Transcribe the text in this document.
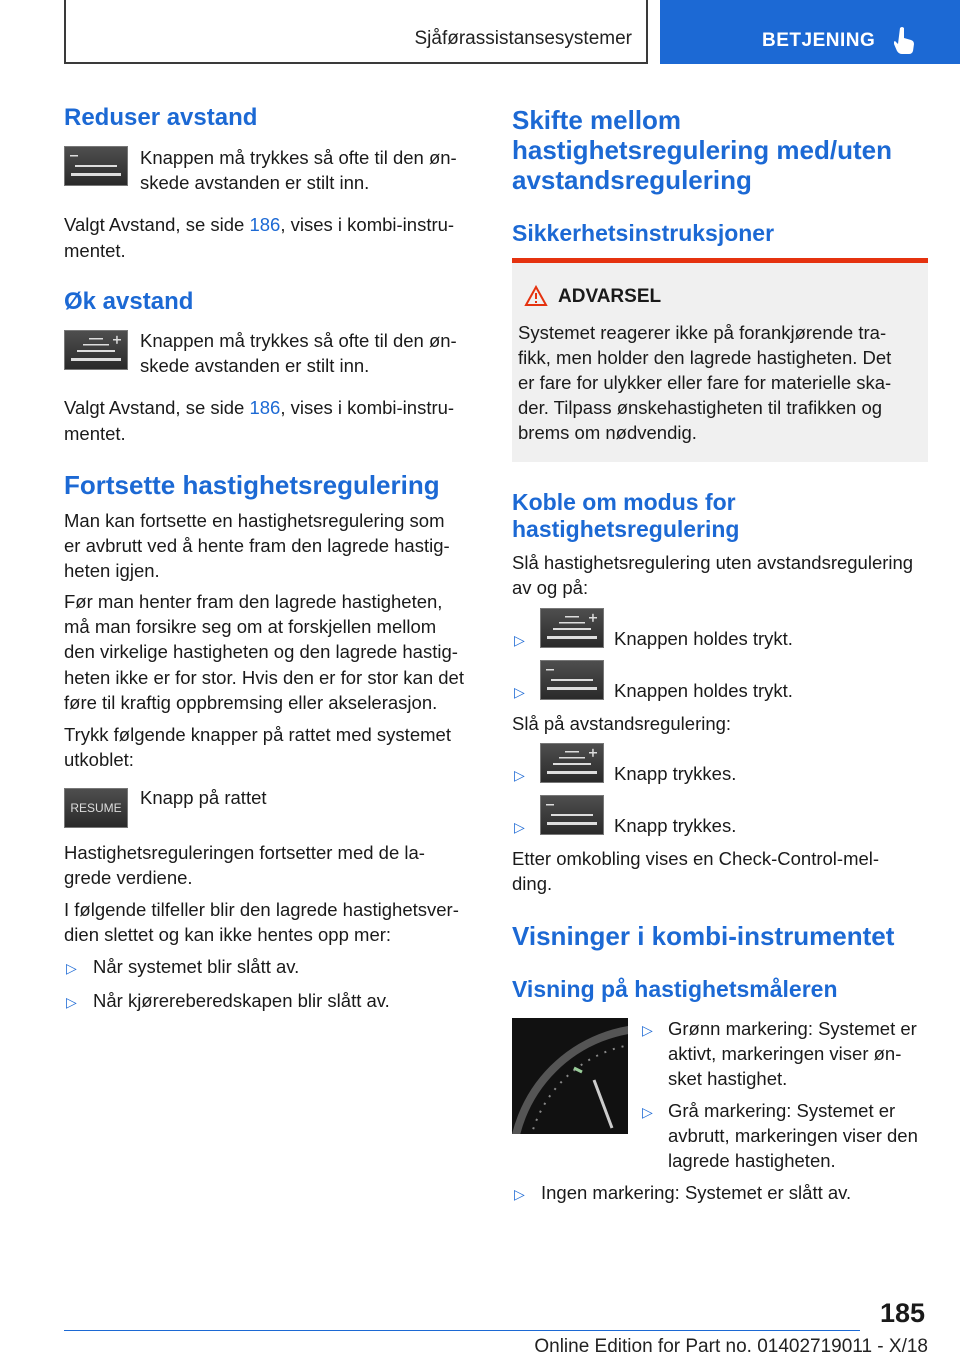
Sjåførassistansesystemer	BETJENING
Reduser avstand
Knappen må trykkes så ofte til den øn-
skede avstanden er stilt inn.
Valgt Avstand, se side 186, vises i kombi-instru-
mentet.
Øk avstand
Knappen må trykkes så ofte til den øn-
skede avstanden er stilt inn.
Valgt Avstand, se side 186, vises i kombi-instru-
mentet.
Fortsette hastighetsregulering
Man kan fortsette en hastighetsregulering som
er avbrutt ved å hente fram den lagrede hastig-
heten igjen.
Før man henter fram den lagrede hastigheten,
må man forsikre seg om at forskjellen mellom
den virkelige hastigheten og den lagrede hastig-
heten ikke er for stor. Hvis den er for stor kan det
føre til kraftig oppbremsing eller akselerasjon.
Trykk følgende knapper på rattet med systemet
utkoblet:
RESUME Knapp på rattet
Hastighetsreguleringen fortsetter med de la-
grede verdiene.
I følgende tilfeller blir den lagrede hastighetsver-
dien slettet og kan ikke hentes opp mer:
▷ Når systemet blir slått av.
▷ Når kjørereberedskapen blir slått av.
Skifte mellom
hastighetsregulering med/uten
avstandsregulering
Sikkerhetsinstruksjoner
ADVARSEL
Systemet reagerer ikke på forankjørende tra-
fikk, men holder den lagrede hastigheten. Det
er fare for ulykker eller fare for materielle ska-
der. Tilpass ønskehastigheten til trafikken og
brems om nødvendig.
Koble om modus for
hastighetsregulering
Slå hastighetsregulering uten avstandsregulering
av og på:
▷	Knappen holdes trykt.
▷	Knappen holdes trykt.
Slå på avstandsregulering:
▷	Knapp trykkes.
▷	Knapp trykkes.
Etter omkobling vises en Check-Control-mel-
ding.
Visninger i kombi-instrumentet
Visning på hastighetsmåleren
▷ Grønn markering: Systemet er
aktivt, markeringen viser øn-
sket hastighet.
▷ Grå markering: Systemet er
avbrutt, markeringen viser den
lagrede hastigheten.
▷ Ingen markering: Systemet er slått av.
185
Online Edition for Part no. 01402719011 - X/18
